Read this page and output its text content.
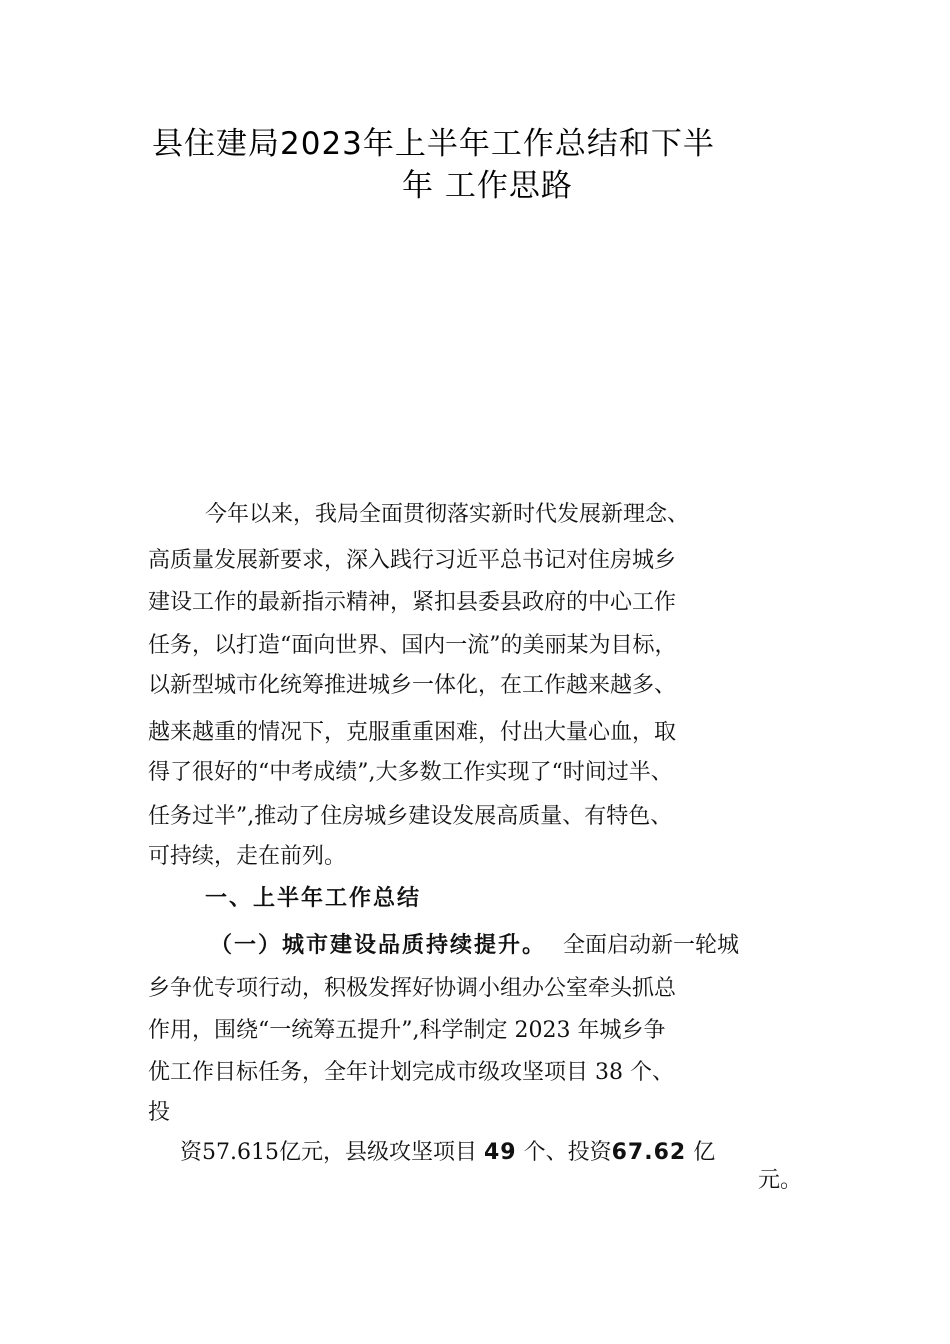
县住建局2023年上半年工作总结和下半
年 工作思路
今年以来，我局全面贯彻落实新时代发展新理念、
高质量发展新要求，深入践行习近平总书记对住房城乡
建设工作的最新指示精神，紧扣县委县政府的中心工作
任务，以打造“面向世界、国内一流”的美丽某为目标，
以新型城市化统筹推进城乡一体化，在工作越来越多、
越来越重的情况下，克服重重困难，付出大量心血，取
得了很好的“中考成绩”,大多数工作实现了“时间过半、
任务过半”,推动了住房城乡建设发展高质量、有特色、
可持续，走在前列。
一、上半年工作总结
（一）城市建设品质持续提升。 全面启动新一轮城
乡争优专项行动，积极发挥好协调小组办公室牵头抓总
作用，围绕“一统筹五提升”,科学制定 2023 年城乡争
优工作目标任务，全年计划完成市级攻坚项目 38 个、
投
资57.615亿元，县级攻坚项目 49 个、投资67.62 亿
元。
